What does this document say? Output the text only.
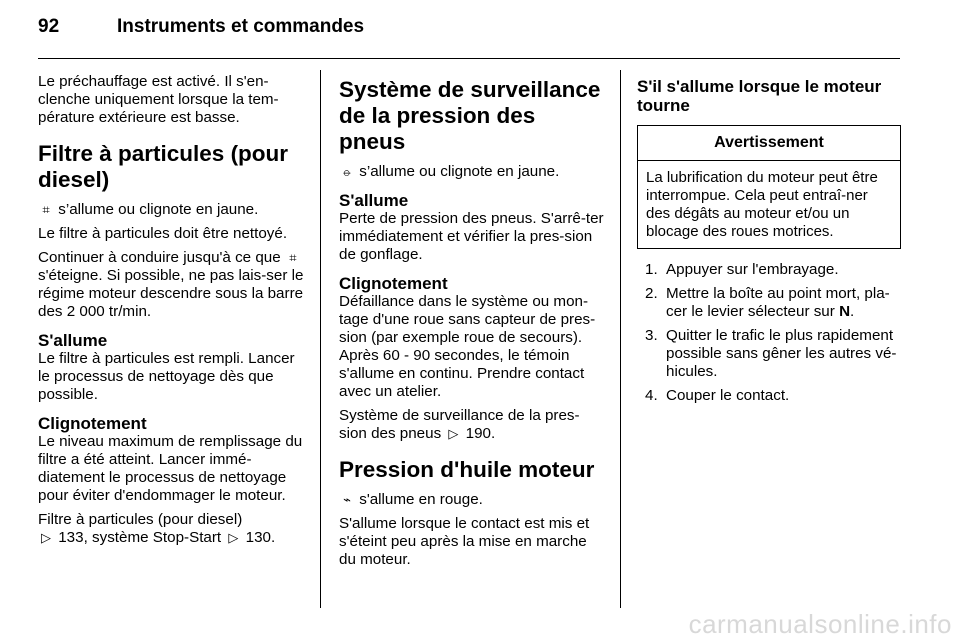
92	Instruments et commandes

Le préchauffage est activé. Il s'en-clenche uniquement lorsque la tem-pérature extérieure est basse.

Filtre à particules (pour diesel)

⌗ s’allume ou clignote en jaune.

Le filtre à particules doit être nettoyé.

Continuer à conduire jusqu'à ce que ⌗ s'éteigne. Si possible, ne pas lais-ser le régime moteur descendre sous la barre des 2 000 tr/min.

S'allume

Le filtre à particules est rempli. Lancer le processus de nettoyage dès que possible.

Clignotement

Le niveau maximum de remplissage du filtre a été atteint. Lancer immé-diatement le processus de nettoyage pour éviter d'endommager le moteur.

Filtre à particules (pour diesel)
▷ 133, système Stop-Start ▷ 130.

Système de surveillance de la pression des pneus

⦵ s’allume ou clignote en jaune.

S'allume

Perte de pression des pneus. S'arrê-ter immédiatement et vérifier la pres-sion de gonflage.

Clignotement

Défaillance dans le système ou mon-tage d'une roue sans capteur de pres-sion (par exemple roue de secours). Après 60 - 90 secondes, le témoin s'allume en continu. Prendre contact avec un atelier.

Système de surveillance de la pres-sion des pneus ▷ 190.

Pression d'huile moteur

⌁ s'allume en rouge.

S'allume lorsque le contact est mis et s'éteint peu après la mise en marche du moteur.

S'il s'allume lorsque le moteur tourne
Avertissement
La lubrification du moteur peut être interrompue. Cela peut entraî-ner des dégâts au moteur et/ou un blocage des roues motrices.
1. Appuyer sur l'embrayage.
2. Mettre la boîte au point mort, pla-cer le levier sélecteur sur N.
3. Quitter le trafic le plus rapidement possible sans gêner les autres vé-hicules.
4. Couper le contact.
carmanualsonline.info
